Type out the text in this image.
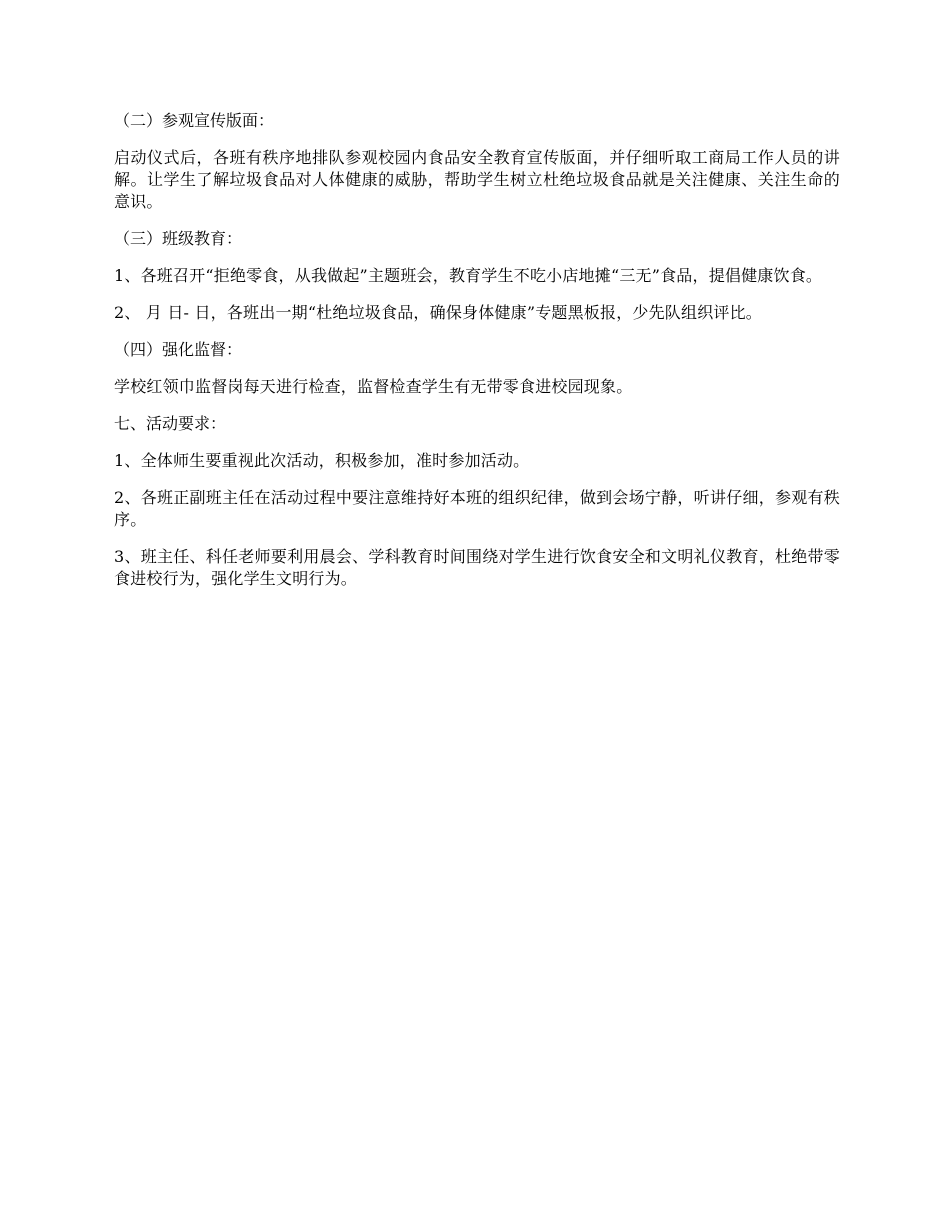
（二）参观宣传版面：

启动仪式后，各班有秩序地排队参观校园内食品安全教育宣传版面，并仔细听取工商局工作人员的讲解。让学生了解垃圾食品对人体健康的威胁，帮助学生树立杜绝垃圾食品就是关注健康、关注生命的意识。

（三）班级教育：

1、各班召开“拒绝零食，从我做起”主题班会，教育学生不吃小店地摊“三无”食品，提倡健康饮食。

2、 月 日- 日，各班出一期“杜绝垃圾食品，确保身体健康”专题黑板报，少先队组织评比。

（四）强化监督：

学校红领巾监督岗每天进行检查，监督检查学生有无带零食进校园现象。

七、活动要求：

1、全体师生要重视此次活动，积极参加，准时参加活动。

2、各班正副班主任在活动过程中要注意维持好本班的组织纪律，做到会场宁静，听讲仔细，参观有秩序。

3、班主任、科任老师要利用晨会、学科教育时间围绕对学生进行饮食安全和文明礼仪教育，杜绝带零食进校行为，强化学生文明行为。
